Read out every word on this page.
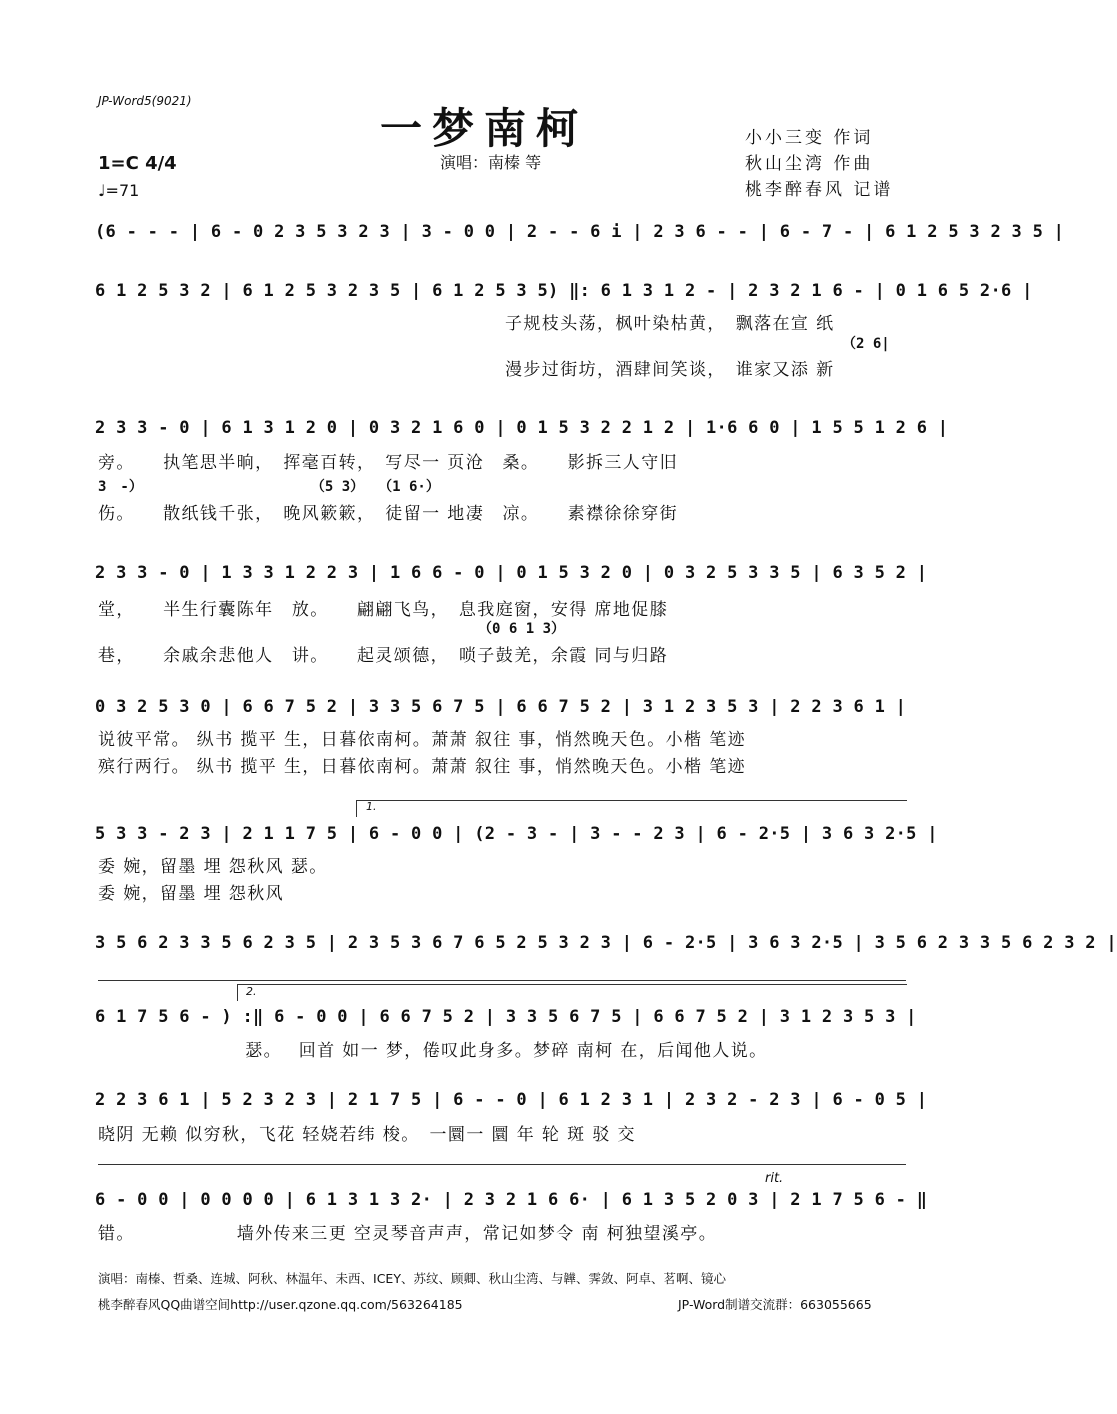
JP-Word5(9021)
一梦南柯
演唱：南榛 等
小小三变 作词
秋山尘湾 作曲
桃李醉春风 记谱
1=C 4/4
♩=71
(6 - - - | 6 - 0 2 3 5 3 2 3 | 3 - 0 0 | 2 - - 6 i | 2 3 6 - - | 6 - 7 - | 6 1 2 5 3 2 3 5 |
6 1 2 5 3 2 | 6 1 2 5 3 2 3 5 | 6 1 2 5 3 5) ‖: 6 1 3 1 2 - | 2 3 2 1 6 - | 0 1 6 5 2·6 |
子规枝头荡，枫叶染枯黄，　飘落在宣 纸
（2 6|
漫步过街坊，酒肆间笑谈，　谁家又添 新
2 3 3 - 0 | 6 1 3 1 2 0 | 0 3 2 1 6 0 | 0 1 5 3 2 2 1 2 | 1·6 6 0 | 1 5 5 1 2 6 |
旁。　　执笔思半晌，　挥毫百转，　写尽一 页沧　桑。　　影拆三人守旧
3　-）　　　　　　　　　　　　　（5 3）　　（1 6·）
伤。　　散纸钱千张，　晚风簌簌，　徒留一 地凄　凉。　　素襟徐徐穿街
2 3 3 - 0 | 1 3 3 1 2 2 3 | 1 6 6 - 0 | 0 1 5 3 2 0 | 0 3 2 5 3 3 5 | 6 3 5 2 |
堂，　　半生行囊陈年　放。　　翩翩飞鸟，　息我庭窗，安得 席地促膝
（0 6 1 3）
巷，　　余戚余悲他人　讲。　　起灵颂德，　唢子鼓羌，余霞 同与归路
0 3 2 5 3 0 | 6 6 7 5 2 | 3 3 5 6 7 5 | 6 6 7 5 2 | 3 1 2 3 5 3 | 2 2 3 6 1 |
说彼平常。 纵书 揽平 生，日暮依南柯。萧萧 叙往 事，悄然晚天色。小楷 笔迹
殡行两行。 纵书 揽平 生，日暮依南柯。萧萧 叙往 事，悄然晚天色。小楷 笔迹
1.
5 3 3 - 2 3 | 2 1 1 7 5 | 6 - 0 0 | (2 - 3 - | 3 - - 2 3 | 6 - 2·5 | 3 6 3 2·5 |
委 婉，留墨 埋 怨秋风 瑟。
委 婉，留墨 埋 怨秋风
3 5 6 2 3 3 5 6 2 3 5 | 2 3 5 3 6 7 6 5 2 5 3 2 3 | 6 - 2·5 | 3 6 3 2·5 | 3 5 6 2 3 3 5 6 2 3 2 |
2.
6 1 7 5 6 - ) :‖ 6 - 0 0 | 6 6 7 5 2 | 3 3 5 6 7 5 | 6 6 7 5 2 | 3 1 2 3 5 3 |
　　　　　　　　瑟。　 回首 如一 梦，倦叹此身多。梦碎 南柯 在，后闻他人说。
2 2 3 6 1 | 5 2 3 2 3 | 2 1 7 5 | 6 - - 0 | 6 1 2 3 1 | 2 3 2 - 2 3 | 6 - 0 5 |
晓阴 无赖 似穷秋，飞花 轻娆若纬 梭。　一圜一 圜 年 轮 斑 驳 交
rit.
6 - 0 0 | 0 0 0 0 | 6 1 3 1 3 2· | 2 3 2 1 6 6· | 6 1 3 5 2 0 3 | 2 1 7 5 6 - ‖
错。　　　　　　墙外传来三更 空灵琴音声声，常记如梦令 南 柯独望溪亭。
演唱：南榛、哲桑、连城、阿秋、林温年、未西、ICEY、苏纹、顾卿、秋山尘湾、与韡、霁敛、阿卓、茗啊、镜心
桃李醉春风QQ曲谱空间http://user.qzone.qq.com/563264185	JP-Word制谱交流群：663055665
